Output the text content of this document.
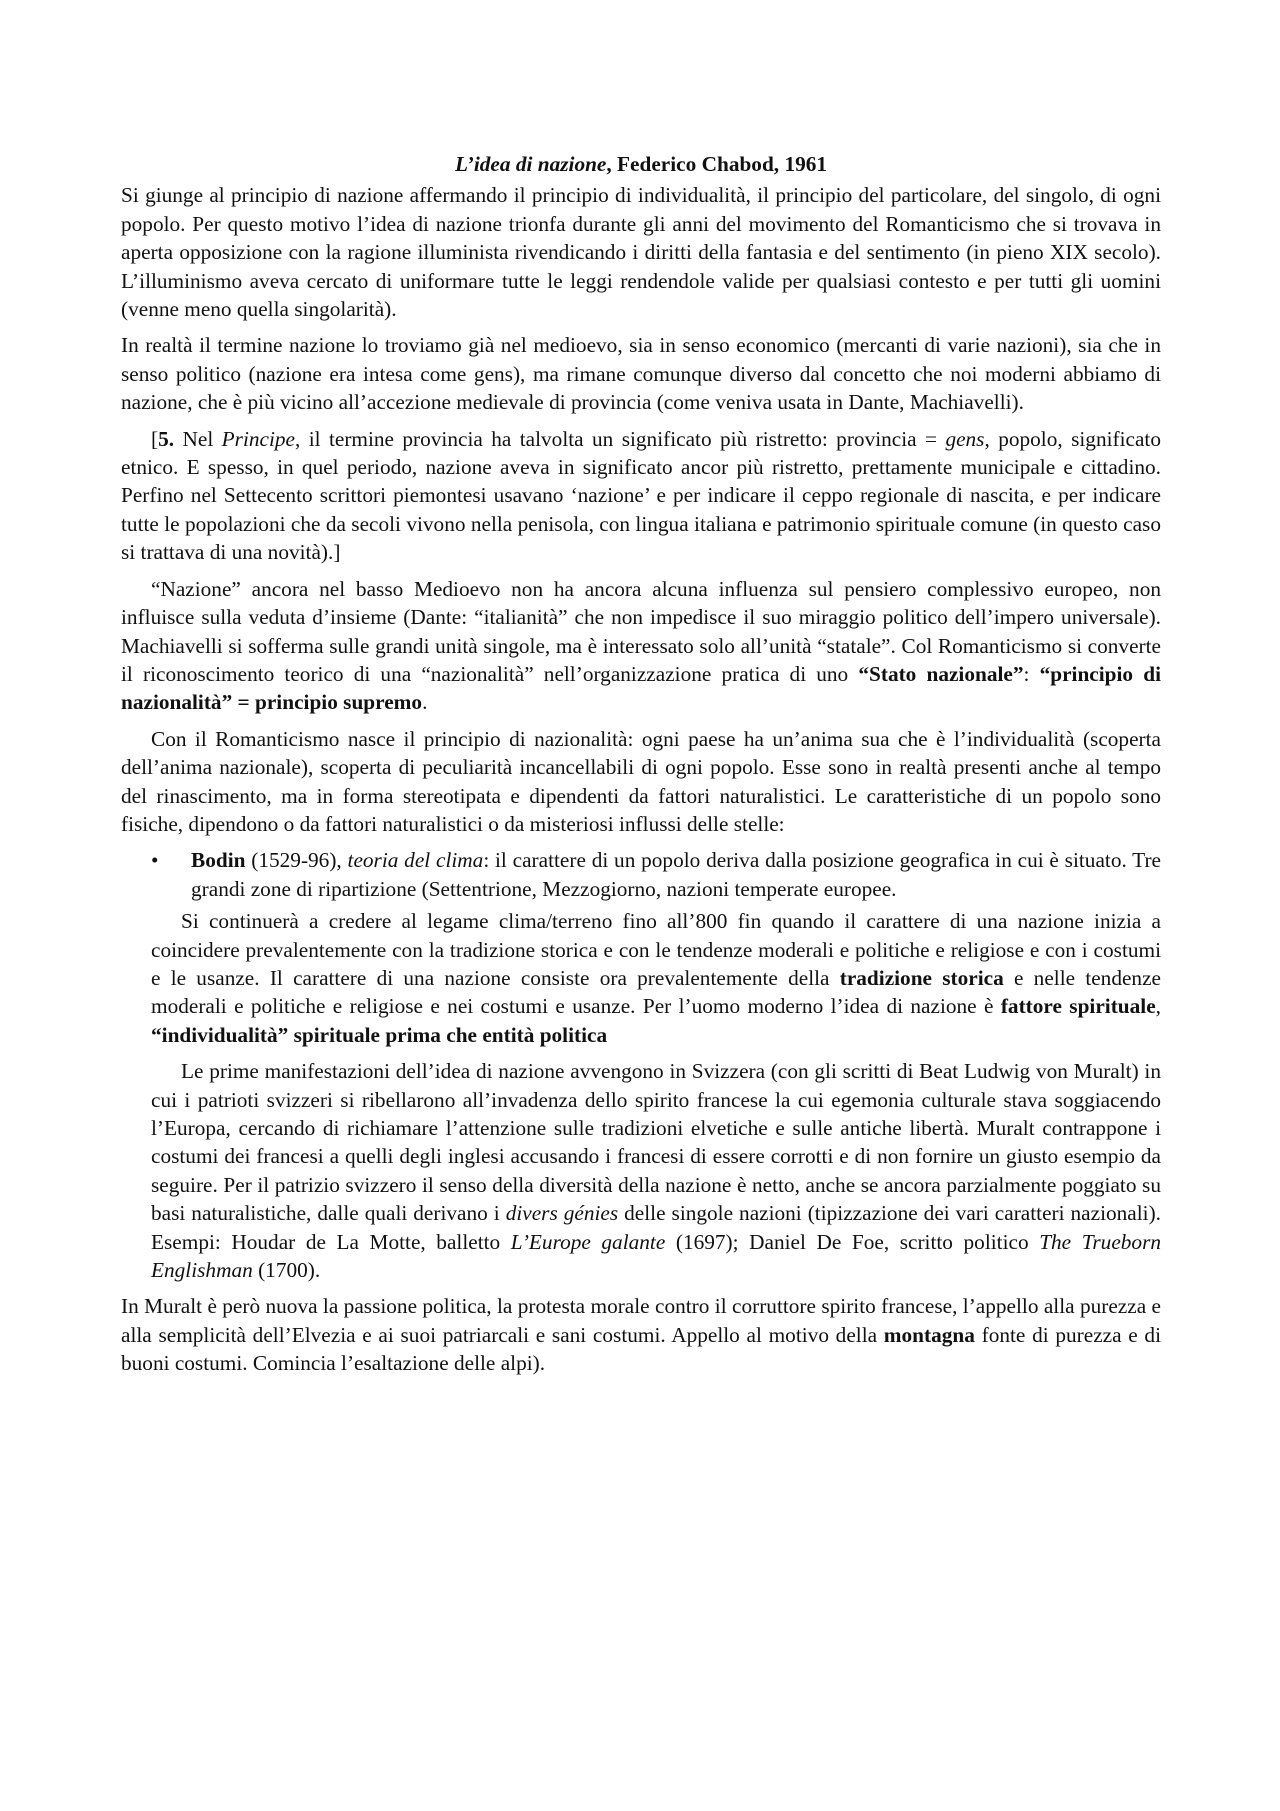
L’idea di nazione, Federico Chabod, 1961

Si giunge al principio di nazione affermando il principio di individualità, il principio del particolare, del singolo, di ogni popolo. Per questo motivo l’idea di nazione trionfa durante gli anni del movimento del Romanticismo che si trovava in aperta opposizione con la ragione illuminista rivendicando i diritti della fantasia e del sentimento (in pieno XIX secolo). L’illuminismo aveva cercato di uniformare tutte le leggi rendendole valide per qualsiasi contesto e per tutti gli uomini (venne meno quella singolarità).

In realtà il termine nazione lo troviamo già nel medioevo, sia in senso economico (mercanti di varie nazioni), sia che in senso politico (nazione era intesa come gens), ma rimane comunque diverso dal concetto che noi moderni abbiamo di nazione, che è più vicino all’accezione medievale di provincia (come veniva usata in Dante, Machiavelli).

[5. Nel Principe, il termine provincia ha talvolta un significato più ristretto: provincia = gens, popolo, significato etnico. E spesso, in quel periodo, nazione aveva in significato ancor più ristretto, prettamente municipale e cittadino. Perfino nel Settecento scrittori piemontesi usavano ‘nazione’ e per indicare il ceppo regionale di nascita, e per indicare tutte le popolazioni che da secoli vivono nella penisola, con lingua italiana e patrimonio spirituale comune (in questo caso si trattava di una novità).]

“Nazione” ancora nel basso Medioevo non ha ancora alcuna influenza sul pensiero complessivo europeo, non influisce sulla veduta d’insieme (Dante: “italianità” che non impedisce il suo miraggio politico dell’impero universale). Machiavelli si sofferma sulle grandi unità singole, ma è interessato solo all’unità “statale”. Col Romanticismo si converte il riconoscimento teorico di una “nazionalità” nell’organizzazione pratica di uno “Stato nazionale”: “principio di nazionalità” = principio supremo.

Con il Romanticismo nasce il principio di nazionalità: ogni paese ha un’anima sua che è l’individualità (scoperta dell’anima nazionale), scoperta di peculiarità incancellabili di ogni popolo. Esse sono in realtà presenti anche al tempo del rinascimento, ma in forma stereotipata e dipendenti da fattori naturalistici. Le caratteristiche di un popolo sono fisiche, dipendono o da fattori naturalistici o da misteriosi influssi delle stelle:

• Bodin (1529-96), teoria del clima: il carattere di un popolo deriva dalla posizione geografica in cui è situato. Tre grandi zone di ripartizione (Settentrione, Mezzogiorno, nazioni temperate europee.

Si continuerà a credere al legame clima/terreno fino all’800 fin quando il carattere di una nazione inizia a coincidere prevalentemente con la tradizione storica e con le tendenze moderali e politiche e religiose e con i costumi e le usanze. Il carattere di una nazione consiste ora prevalentemente della tradizione storica e nelle tendenze moderali e politiche e religiose e nei costumi e usanze. Per l’uomo moderno l’idea di nazione è fattore spirituale, “individualità” spirituale prima che entità politica

Le prime manifestazioni dell’idea di nazione avvengono in Svizzera (con gli scritti di Beat Ludwig von Muralt) in cui i patrioti svizzeri si ribellarono all’invadenza dello spirito francese la cui egemonia culturale stava soggiacendo l’Europa, cercando di richiamare l’attenzione sulle tradizioni elvetiche e sulle antiche libertà. Muralt contrappone i costumi dei francesi a quelli degli inglesi accusando i francesi di essere corrotti e di non fornire un giusto esempio da seguire. Per il patrizio svizzero il senso della diversità della nazione è netto, anche se ancora parzialmente poggiato su basi naturalistiche, dalle quali derivano i divers génies delle singole nazioni (tipizzazione dei vari caratteri nazionali). Esempi: Houdar de La Motte, balletto L’Europe galante (1697); Daniel De Foe, scritto politico The Trueborn Englishman (1700).

In Muralt è però nuova la passione politica, la protesta morale contro il corruttore spirito francese, l’appello alla purezza e alla semplicità dell’Elvezia e ai suoi patriarcali e sani costumi. Appello al motivo della montagna fonte di purezza e di buoni costumi. Comincia l’esaltazione delle alpi).
